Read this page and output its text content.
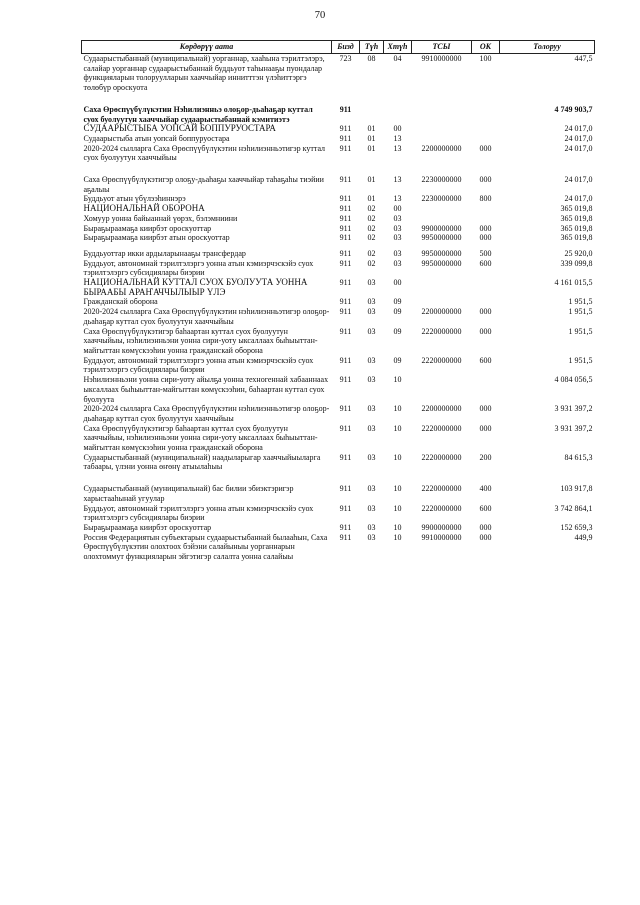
70
Көрдөрүү аата	Бизд	Түһ	Хтүһ	ТСЫ	ОК	Толоруу
Судаарыстыбаннай (муниципальнай) уорганнар, хааһына тэрилтэлэрэ, салайар уорганнар судаарыстыбаннай буддьуот таһынааҕы пуондалар функцияларын толоруулларын хааччыйар иннитттэн үлэһиттэргэ төлөбүр ороскуота	723	08	04	9910000000	100	447,5
Саха Өрөспүүбүлүкэтин Нэһилиэнньэ олоҕор-дьаһаҕар куттал суох буолуутун хааччыйар судаарыстыбаннай кэмитиэтэ	911					4 749 903,7
СУДААРЫСТЫБА УОПСАЙ БОППУРУОСТАРА	911	01	00			24 017,0
Судаарыстыба атын уопсай боппуруостара	911	01	13			24 017,0
2020-2024 сылларга Саха Өрөспүүбүлүкэтин нэһилиэнньэтигэр куттал суох буолуутун хааччыйыы	911	01	13	2200000000	000	24 017,0
Саха Өрөспүүбүлүкэтигэр олоҕу-дьаһаҕы хааччыйар таһаҕаһы тиэйии аҕалыы	911	01	13	2230000000	000	24 017,0
Буддьуот атын үбүлээһиннэрэ	911	01	13	2230000000	800	24 017,0
НАЦИОНАЛЬНАЙ ОБОРОНА	911	02	00			365 019,8
Хомуур уонна байыаннай үөрэх, бэлэмниини	911	02	03			365 019,8
Быраҕыраамаҕа киирбэт ороскуоттар	911	02	03	9900000000	000	365 019,8
Быраҕыраамаҕа киирбэт атын ороскуоттар	911	02	03	9950000000	000	365 019,8
Буддьуоттар икки ардыларынааҕы трансфердар	911	02	03	9950000000	500	25 920,0
Буддьуот, автономнай тэрилтэлэргэ уонна атын кэмиэрчэскэйэ суох тэрилтэлэргэ субсидиялары биэрии	911	02	03	9950000000	600	339 099,8
НАЦИОНАЛЬНАЙ КУТТАЛ СУОХ БУОЛУУТА УОННА БЫРААБЫ АРАҤАЧЧЫЛЫЫР ҮЛЭ	911	03	00			4 161 015,5
Гражданскай оборона	911	03	09			1 951,5
2020-2024 сылларга Саха Өрөспүүбүлүкэтин нэһилиэнньэтигэр олоҕор-дьаһаҕар куттал суох буолуутун хааччыйыы	911	03	09	2200000000	000	1 951,5
Саха Өрөспүүбүлүкэтигэр баһаартан куттал суох буолуутун хааччыйыы, нэһилиэнньэни уонна сири-уоту ыксаллаах быһыыттан-майгыттан көмүскээһин уонна гражданскай оборона	911	03	09	2220000000	000	1 951,5
Буддьуот, автономнай тэрилтэлэргэ уонна атын кэмиэрчэскэйэ суох тэрилтэлэргэ субсидиялары биэрии	911	03	09	2220000000	600	1 951,5
Нэһилиэнньэни уонна сири-уоту айылҕа уонна техногеннай хабааннаах ыксаллаах быһыыттан-майгыттан көмүскээһин, баһаартан куттал суох буолуута	911	03	10			4 084 056,5
2020-2024 сылларга Саха Өрөспүүбүлүкэтин нэһилиэнньэтигэр олоҕор-дьаһаҕар куттал суох буолуутун хааччыйыы	911	03	10	2200000000	000	3 931 397,2
Саха Өрөспүүбүлүкэтигэр баһаартан куттал суох буолуутун хааччыйыы, нэһилиэнньэни уонна сири-уоту ыксаллаах быһыыттан-майгыттан көмүскээһин уонна гражданскай оборона	911	03	10	2220000000	000	3 931 397,2
Судаарыстыбаннай (муниципальнай) наадыларыгар хааччыйыыларга табаары, үлэни уонна өҥөнү атыылаһыы	911	03	10	2220000000	200	84 615,3
Судаарыстыбаннай (муниципальнай) бас билии эбиэктэригэр харыстааһынай угуулар	911	03	10	2220000000	400	103 917,8
Буддьуот, автономнай тэрилтэлэргэ уонна атын кэмиэрчэскэйэ суох тэрилтэлэргэ субсидиялары биэрии	911	03	10	2220000000	600	3 742 864,1
Быраҕыраамаҕа киирбэт ороскуоттар	911	03	10	9900000000	000	152 659,3
Россия Федерациятын субъектарын судаарыстыбаннай былааһын, Саха Өрөспүүбүлүкэтин олохтоох бэйэни салайыныы уорганнарын олохтоммут функцияларын эйгэтигэр салалта уонна салайыы	911	03	10	9910000000	000	449,9
